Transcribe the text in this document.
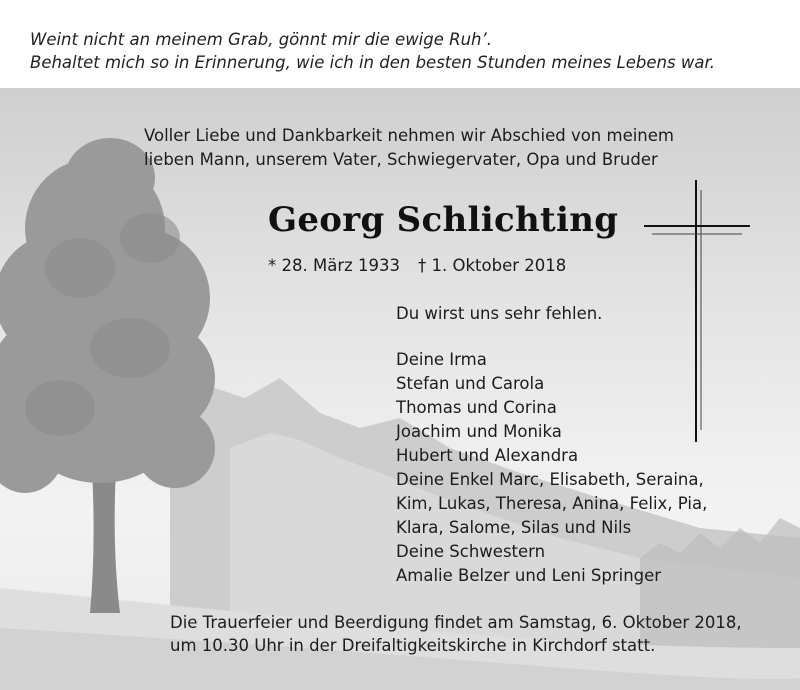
Weint nicht an meinem Grab, gönnt mir die ewige Ruh’.
Behaltet mich so in Erinnerung, wie ich in den besten Stunden meines Lebens war.
Voller Liebe und Dankbarkeit nehmen wir Abschied von meinem
lieben Mann, unserem Vater, Schwiegervater, Opa und Bruder
Georg Schlichting
* 28. März 1933 † 1. Oktober 2018
Du wirst uns sehr fehlen.
Deine Irma
Stefan und Carola
Thomas und Corina
Joachim und Monika
Hubert und Alexandra
Deine Enkel Marc, Elisabeth, Seraina,
Kim, Lukas, Theresa, Anina, Felix, Pia,
Klara, Salome, Silas und Nils
Deine Schwestern
Amalie Belzer und Leni Springer
Die Trauerfeier und Beerdigung findet am Samstag, 6. Oktober 2018,
um 10.30 Uhr in der Dreifaltigkeitskirche in Kirchdorf statt.
